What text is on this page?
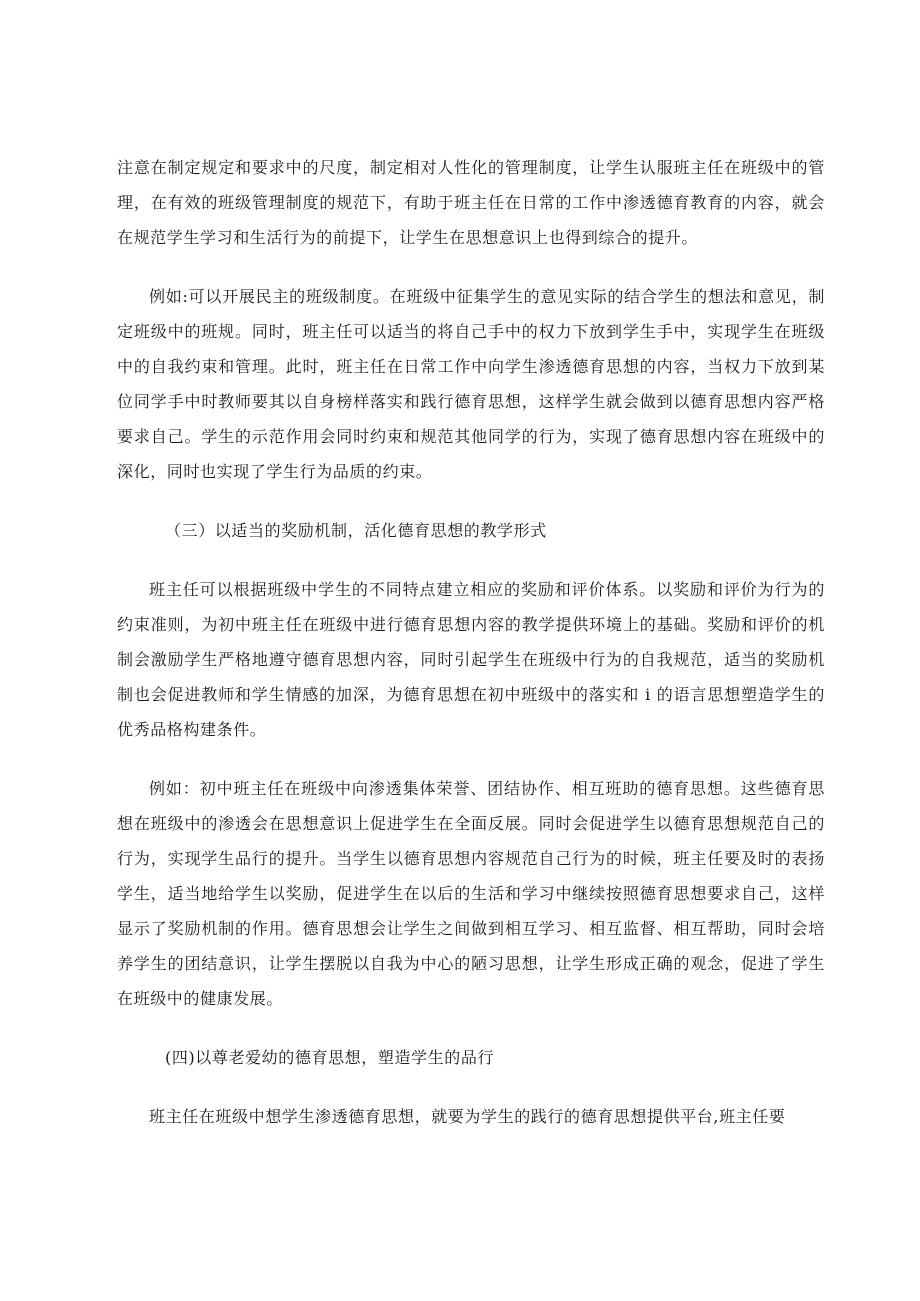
注意在制定规定和要求中的尺度，制定相对人性化的管理制度，让学生认服班主任在班级中的管理，在有效的班级管理制度的规范下，有助于班主任在日常的工作中渗透德育教育的内容，就会在规范学生学习和生活行为的前提下，让学生在思想意识上也得到综合的提升。

例如:可以开展民主的班级制度。在班级中征集学生的意见实际的结合学生的想法和意见，制定班级中的班规。同时，班主任可以适当的将自己手中的权力下放到学生手中，实现学生在班级中的自我约束和管理。此时，班主任在日常工作中向学生渗透德育思想的内容，当权力下放到某位同学手中时教师要其以自身榜样落实和践行德育思想，这样学生就会做到以德育思想内容严格要求自己。学生的示范作用会同时约束和规范其他同学的行为，实现了德育思想内容在班级中的深化，同时也实现了学生行为品质的约束。

（三）以适当的奖励机制，活化德育思想的教学形式

班主任可以根据班级中学生的不同特点建立相应的奖励和评价体系。以奖励和评价为行为的约束准则，为初中班主任在班级中进行德育思想内容的教学提供环境上的基础。奖励和评价的机制会激励学生严格地遵守德育思想内容，同时引起学生在班级中行为的自我规范，适当的奖励机制也会促进教师和学生情感的加深，为德育思想在初中班级中的落实和 i 的语言思想塑造学生的优秀品格构建条件。

例如：初中班主任在班级中向渗透集体荣誉、团结协作、相互班助的德育思想。这些德育思想在班级中的渗透会在思想意识上促进学生在全面反展。同时会促进学生以德育思想规范自己的行为，实现学生品行的提升。当学生以德育思想内容规范自己行为的时候，班主任要及时的表扬学生，适当地给学生以奖励，促进学生在以后的生活和学习中继续按照德育思想要求自己，这样显示了奖励机制的作用。德育思想会让学生之间做到相互学习、相互监督、相互帮助，同时会培养学生的团结意识，让学生摆脱以自我为中心的陋习思想，让学生形成正确的观念，促进了学生在班级中的健康发展。

(四)以尊老爱幼的德育思想，塑造学生的品行

班主任在班级中想学生渗透德育思想，就要为学生的践行的德育思想提供平台,班主任要
